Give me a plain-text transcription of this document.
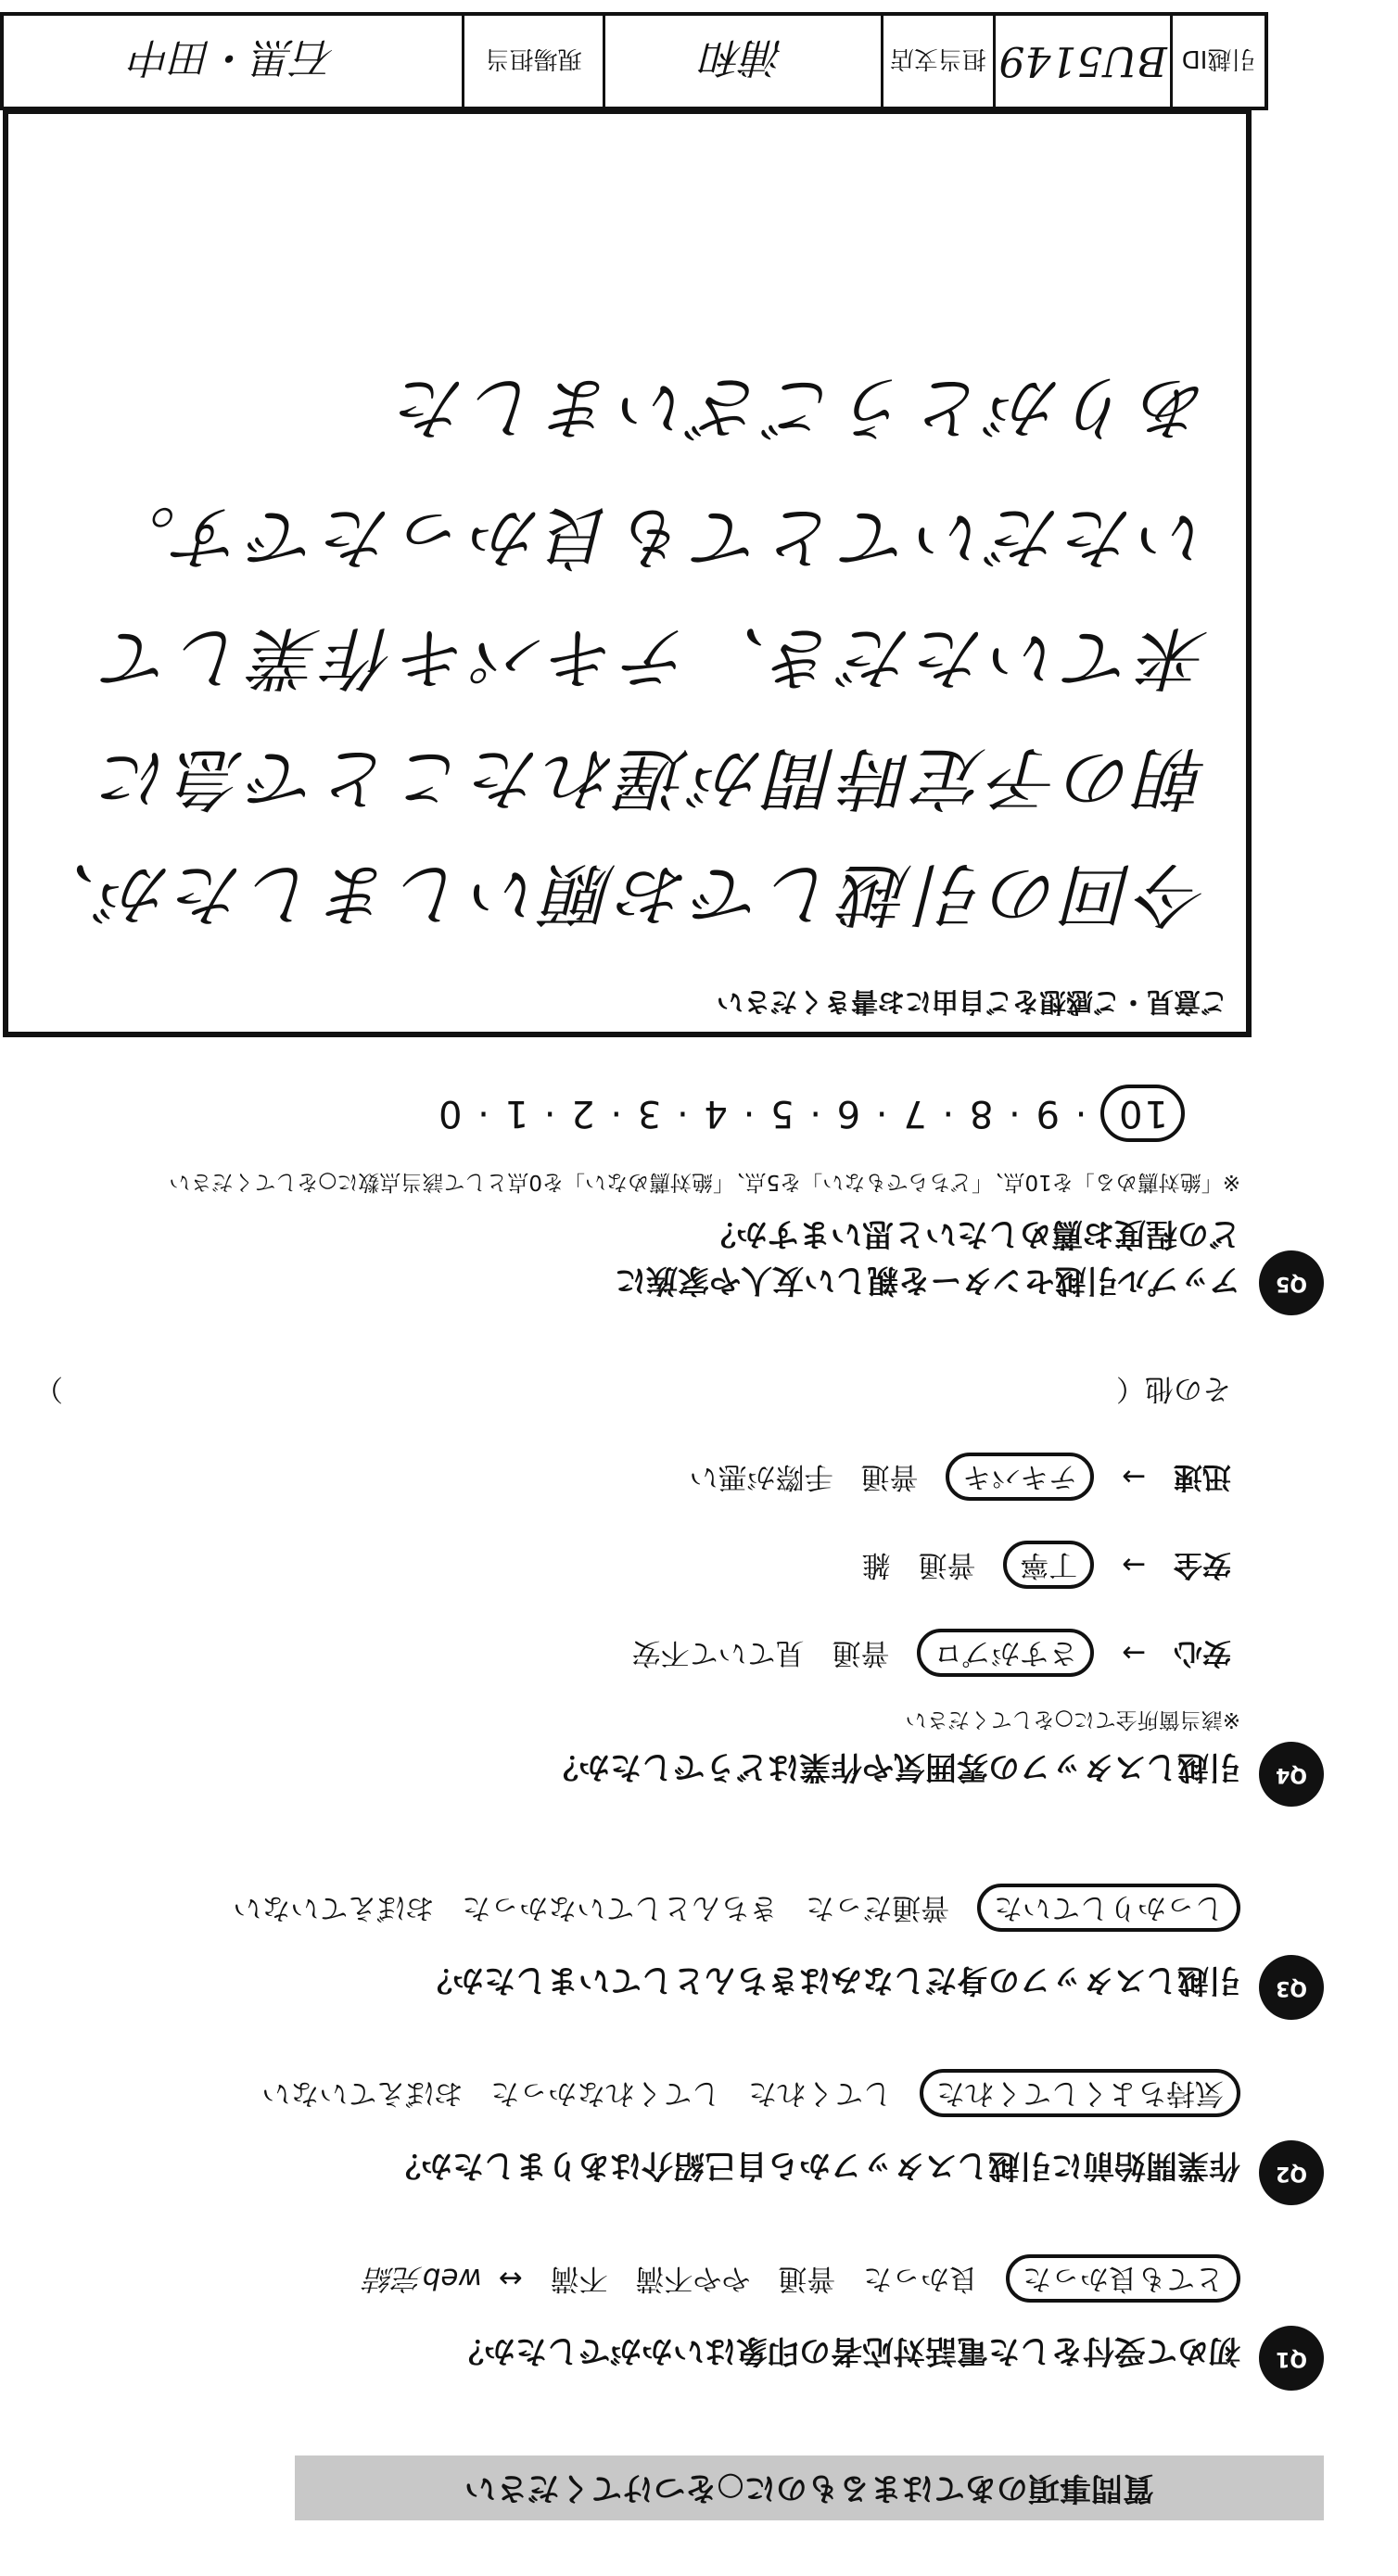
質問事項のあてはまるものに○をつけてください
Q1
初めて受付をした電話対応者の印象はいかがでしたか？
とても良かった 良かった 普通 やや不満 不満 ↔ web完結
Q2
作業開始前に引越しスタッフから自己紹介はありましたか？
気持ちよくしてくれた してくれた してくれなかった おぼえていない
Q3
引越しスタッフの身だしなみはきちんとしていましたか？
しっかりしていた 普通だった きちんとしていなかった おぼえていない
Q4
引越しスタッフの雰囲気や作業はどうでしたか？
※該当箇所全てに○をしてください
安心 → さすがプロ 普通 見ていて不安
安全 → 丁寧 普通 雑
迅速 → テキパキ 普通 手際が悪い
その他（
）
Q5
アップル引越センターを親しい友人や家族に
どの程度お薦めしたいと思いますか？
※「絶対薦める」を10点、「どちらでもない」を5点、「絶対薦めない」を0点として該当点数に○をしてください
10 · 9 · 8 · 7 · 6 · 5 · 4 · 3 · 2 · 1 · 0
ご意見・ご感想をご自由にお書きください
今回の引越しでお願いしましたが、
朝の予定時間が遅れたことで急に
来ていただき、テキパキ作業して
いただいてとても良かったです。
ありがとうございました
引越ID
BU5149
担当支店
浦和
現場担当
石黒・田中
